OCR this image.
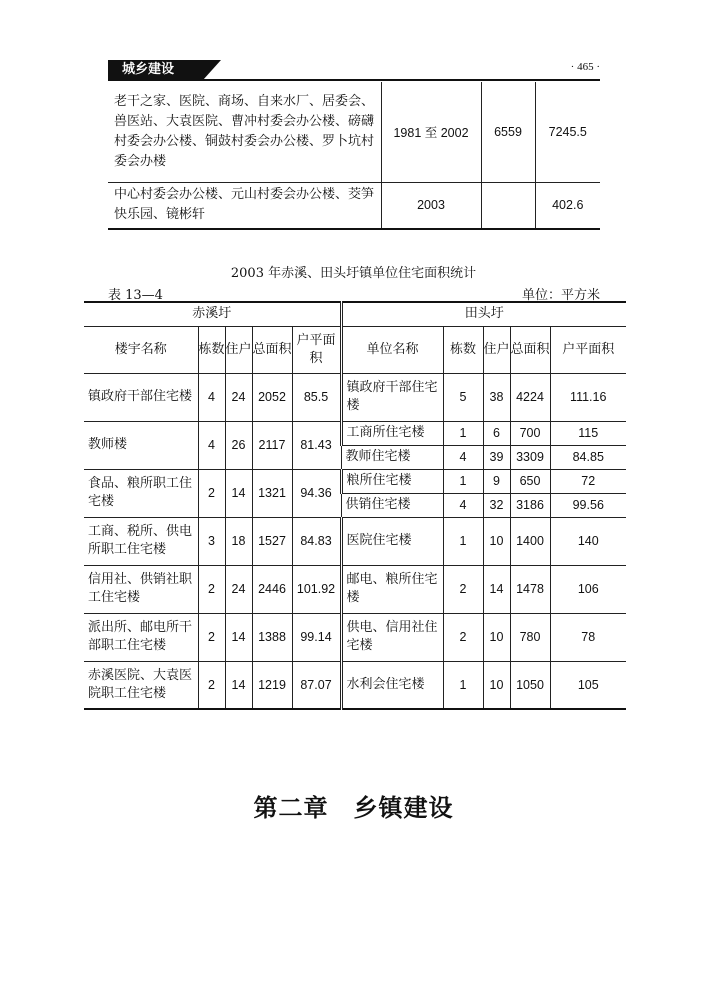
城乡建设	· 465 ·
老干之家、医院、商场、自来水厂、居委会、兽医站、大袁医院、曹冲村委会办公楼、磅礴村委会办公楼、铜鼓村委会办公楼、罗卜坑村委会办楼	1981 至 2002	6559	7245.5
中心村委会办公楼、元山村委会办公楼、茭笋快乐园、镜彬轩	2003		402.6
2003 年赤溪、田头圩镇单位住宅面积统计
表 13—4	单位：平方米
赤溪圩					田头圩				
楼宇名称	栋数	住户	总面积	户平面积	单位名称	栋数	住户	总面积	户平面积
镇政府干部住宅楼	4	24	2052	85.5	镇政府干部住宅楼	5	38	4224	111.16
教师楼	4	26	2117	81.43	工商所住宅楼	1	6	700	115
					教师住宅楼	4	39	3309	84.85
食品、粮所职工住宅楼	2	14	1321	94.36	粮所住宅楼	1	9	650	72
					供销住宅楼	4	32	3186	99.56
工商、税所、供电所职工住宅楼	3	18	1527	84.83	医院住宅楼	1	10	1400	140
信用社、供销社职工住宅楼	2	24	2446	101.92	邮电、粮所住宅楼	2	14	1478	106
派出所、邮电所干部职工住宅楼	2	14	1388	99.14	供电、信用社住宅楼	2	10	780	78
赤溪医院、大袁医院职工住宅楼	2	14	1219	87.07	水利会住宅楼	1	10	1050	105
第二章　乡镇建设
